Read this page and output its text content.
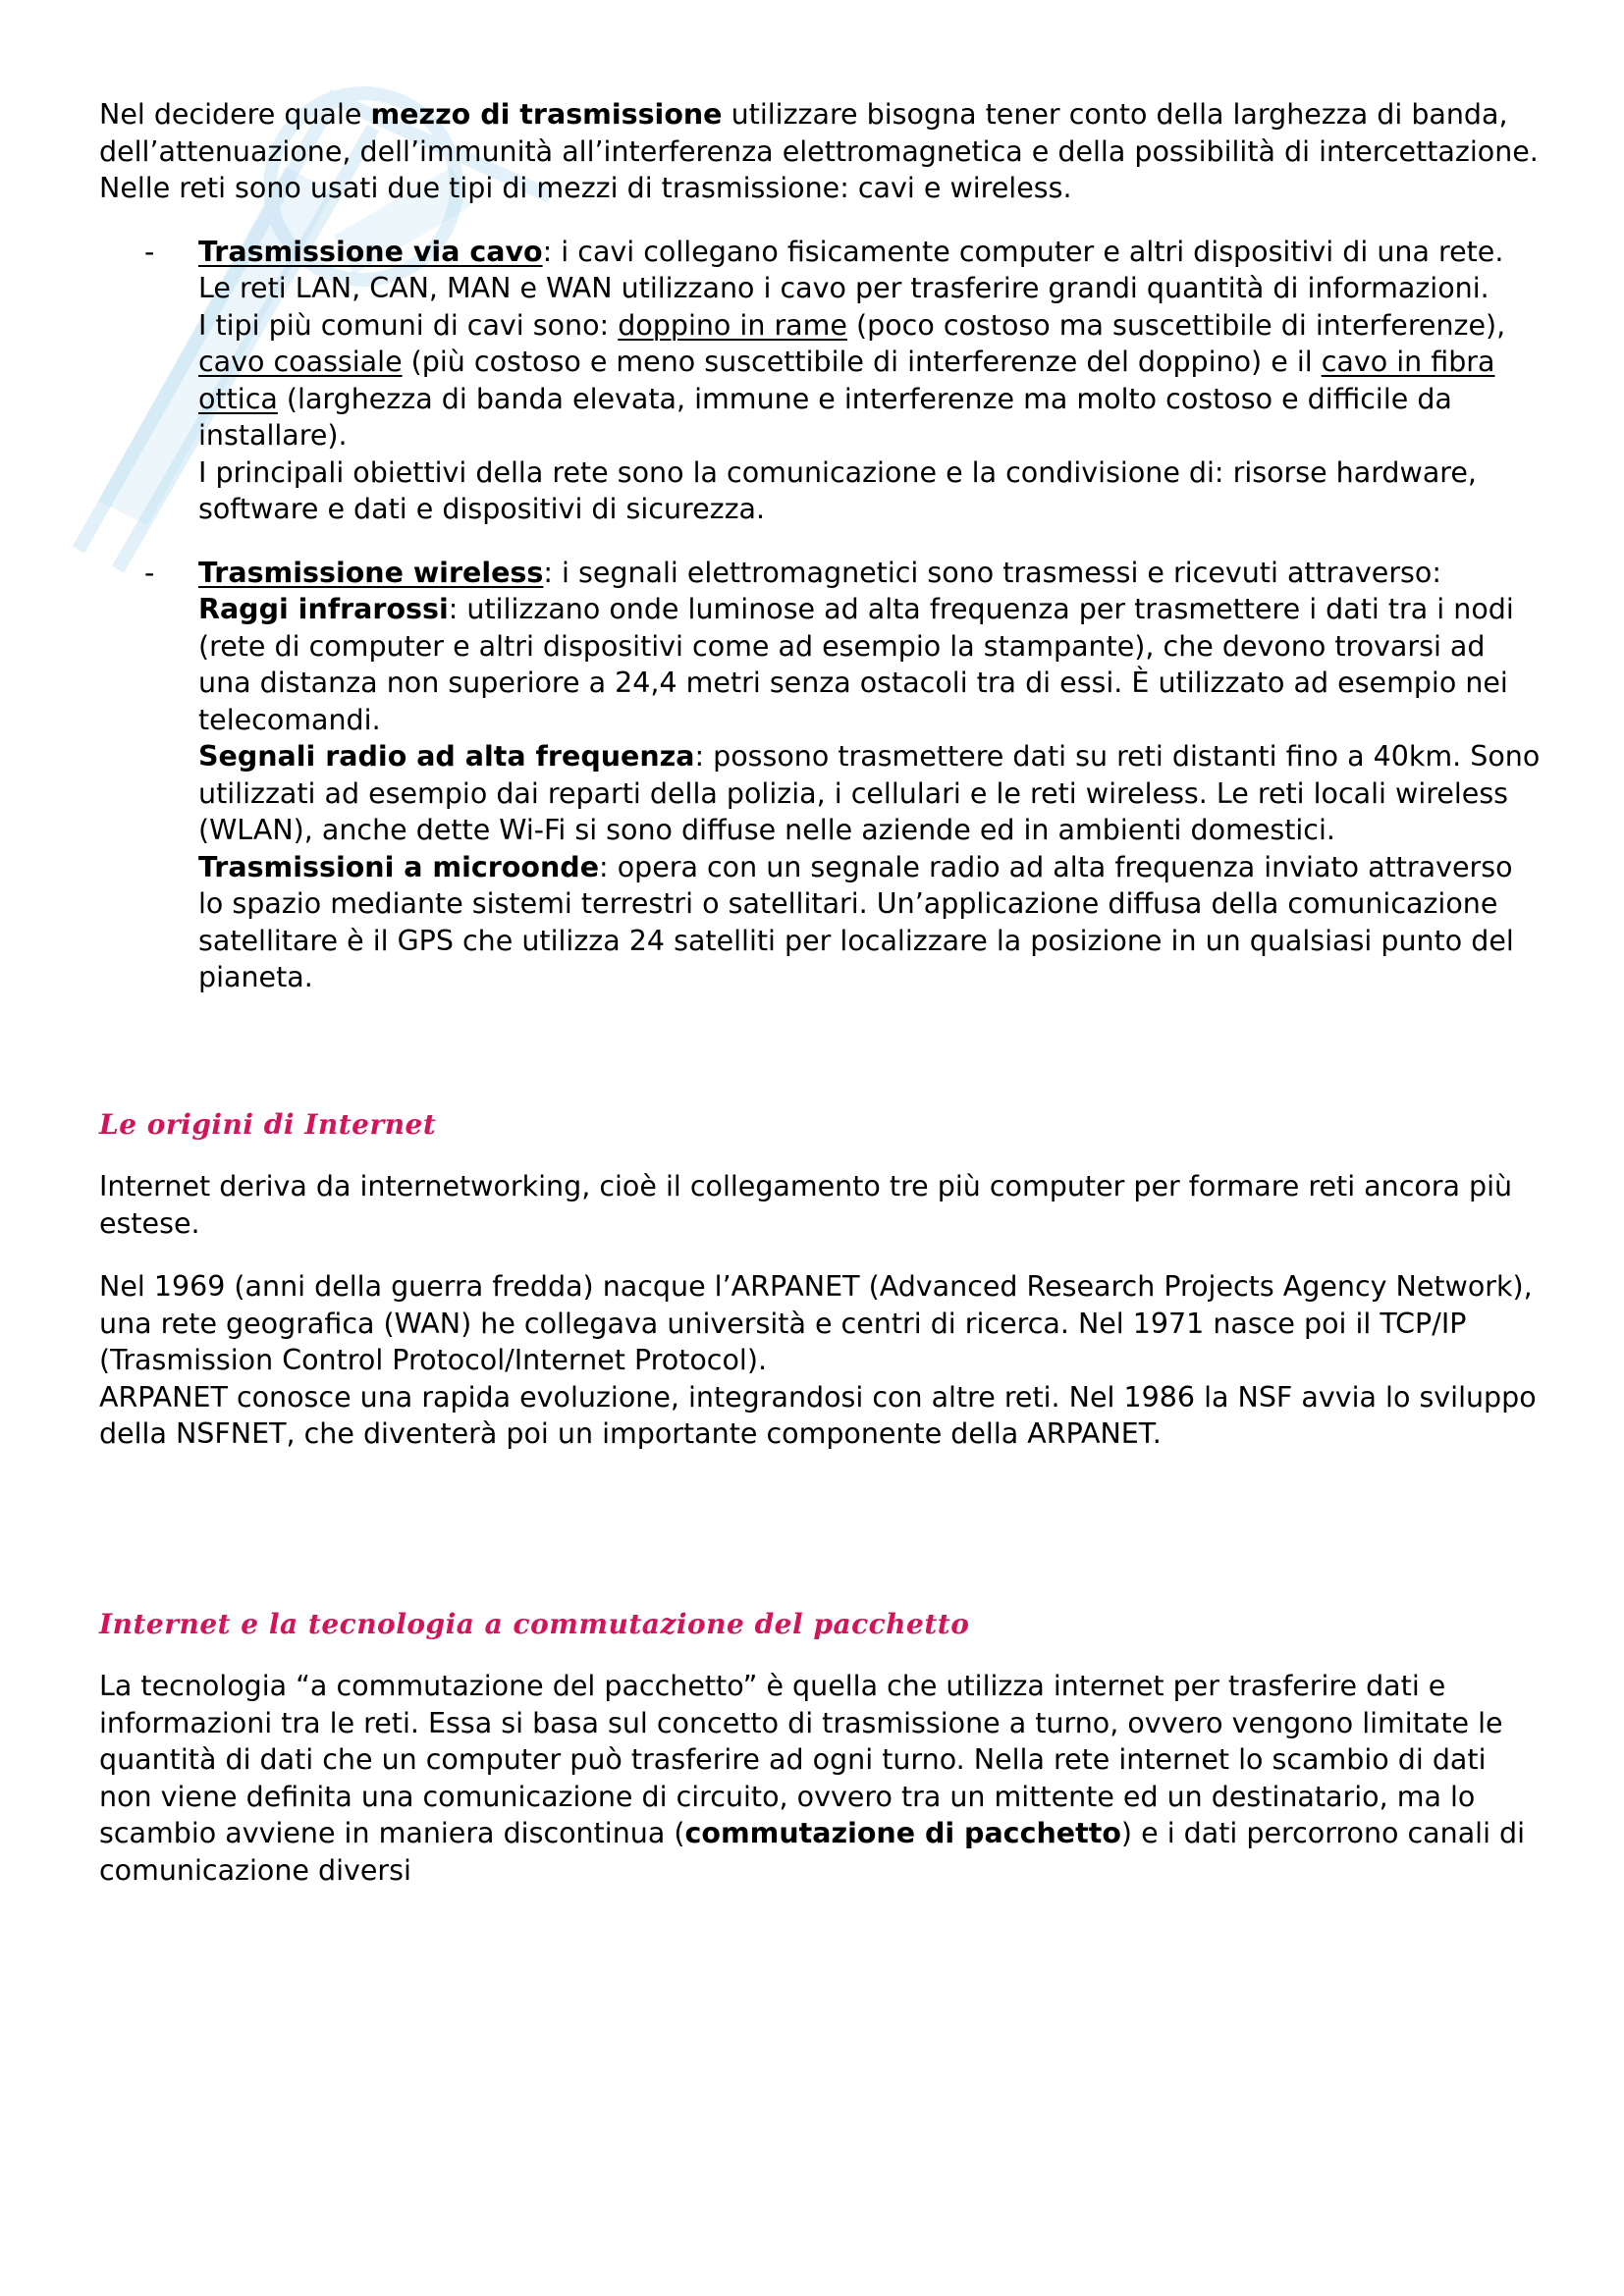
Nel decidere quale mezzo di trasmissione utilizzare bisogna tener conto della larghezza di banda, dell’attenuazione, dell’immunità all’interferenza elettromagnetica e della possibilità di intercettazione. Nelle reti sono usati due tipi di mezzi di trasmissione: cavi e wireless.

- Trasmissione via cavo: i cavi collegano fisicamente computer e altri dispositivi di una rete. Le reti LAN, CAN, MAN e WAN utilizzano i cavo per trasferire grandi quantità di informazioni.

I tipi più comuni di cavi sono: doppino in rame (poco costoso ma suscettibile di interferenze), cavo coassiale (più costoso e meno suscettibile di interferenze del doppino) e il cavo in fibra ottica (larghezza di banda elevata, immune e interferenze ma molto costoso e difficile da installare).

I principali obiettivi della rete sono la comunicazione e la condivisione di: risorse hardware, software e dati e dispositivi di sicurezza.

- Trasmissione wireless: i segnali elettromagnetici sono trasmessi e ricevuti attraverso:

Raggi infrarossi: utilizzano onde luminose ad alta frequenza per trasmettere i dati tra i nodi (rete di computer e altri dispositivi come ad esempio la stampante), che devono trovarsi ad una distanza non superiore a 24,4 metri senza ostacoli tra di essi. È utilizzato ad esempio nei telecomandi.

Segnali radio ad alta frequenza: possono trasmettere dati su reti distanti fino a 40km. Sono utilizzati ad esempio dai reparti della polizia, i cellulari e le reti wireless. Le reti locali wireless (WLAN), anche dette Wi-Fi si sono diffuse nelle aziende ed in ambienti domestici.

Trasmissioni a microonde: opera con un segnale radio ad alta frequenza inviato attraverso lo spazio mediante sistemi terrestri o satellitari. Un’applicazione diffusa della comunicazione satellitare è il GPS che utilizza 24 satelliti per localizzare la posizione in un qualsiasi punto del pianeta.

Le origini di Internet

Internet deriva da internetworking, cioè il collegamento tre più computer per formare reti ancora più estese.

Nel 1969 (anni della guerra fredda) nacque l’ARPANET (Advanced Research Projects Agency Network), una rete geografica (WAN) he collegava università e centri di ricerca. Nel 1971 nasce poi il TCP/IP (Trasmission Control Protocol/Internet Protocol).

ARPANET conosce una rapida evoluzione, integrandosi con altre reti. Nel 1986 la NSF avvia lo sviluppo della NSFNET, che diventerà poi un importante componente della ARPANET.

Internet e la tecnologia a commutazione del pacchetto

La tecnologia “a commutazione del pacchetto” è quella che utilizza internet per trasferire dati e informazioni tra le reti. Essa si basa sul concetto di trasmissione a turno, ovvero vengono limitate le quantità di dati che un computer può trasferire ad ogni turno. Nella rete internet lo scambio di dati non viene definita una comunicazione di circuito, ovvero tra un mittente ed un destinatario, ma lo scambio avviene in maniera discontinua (commutazione di pacchetto) e i dati percorrono canali di comunicazione diversi
